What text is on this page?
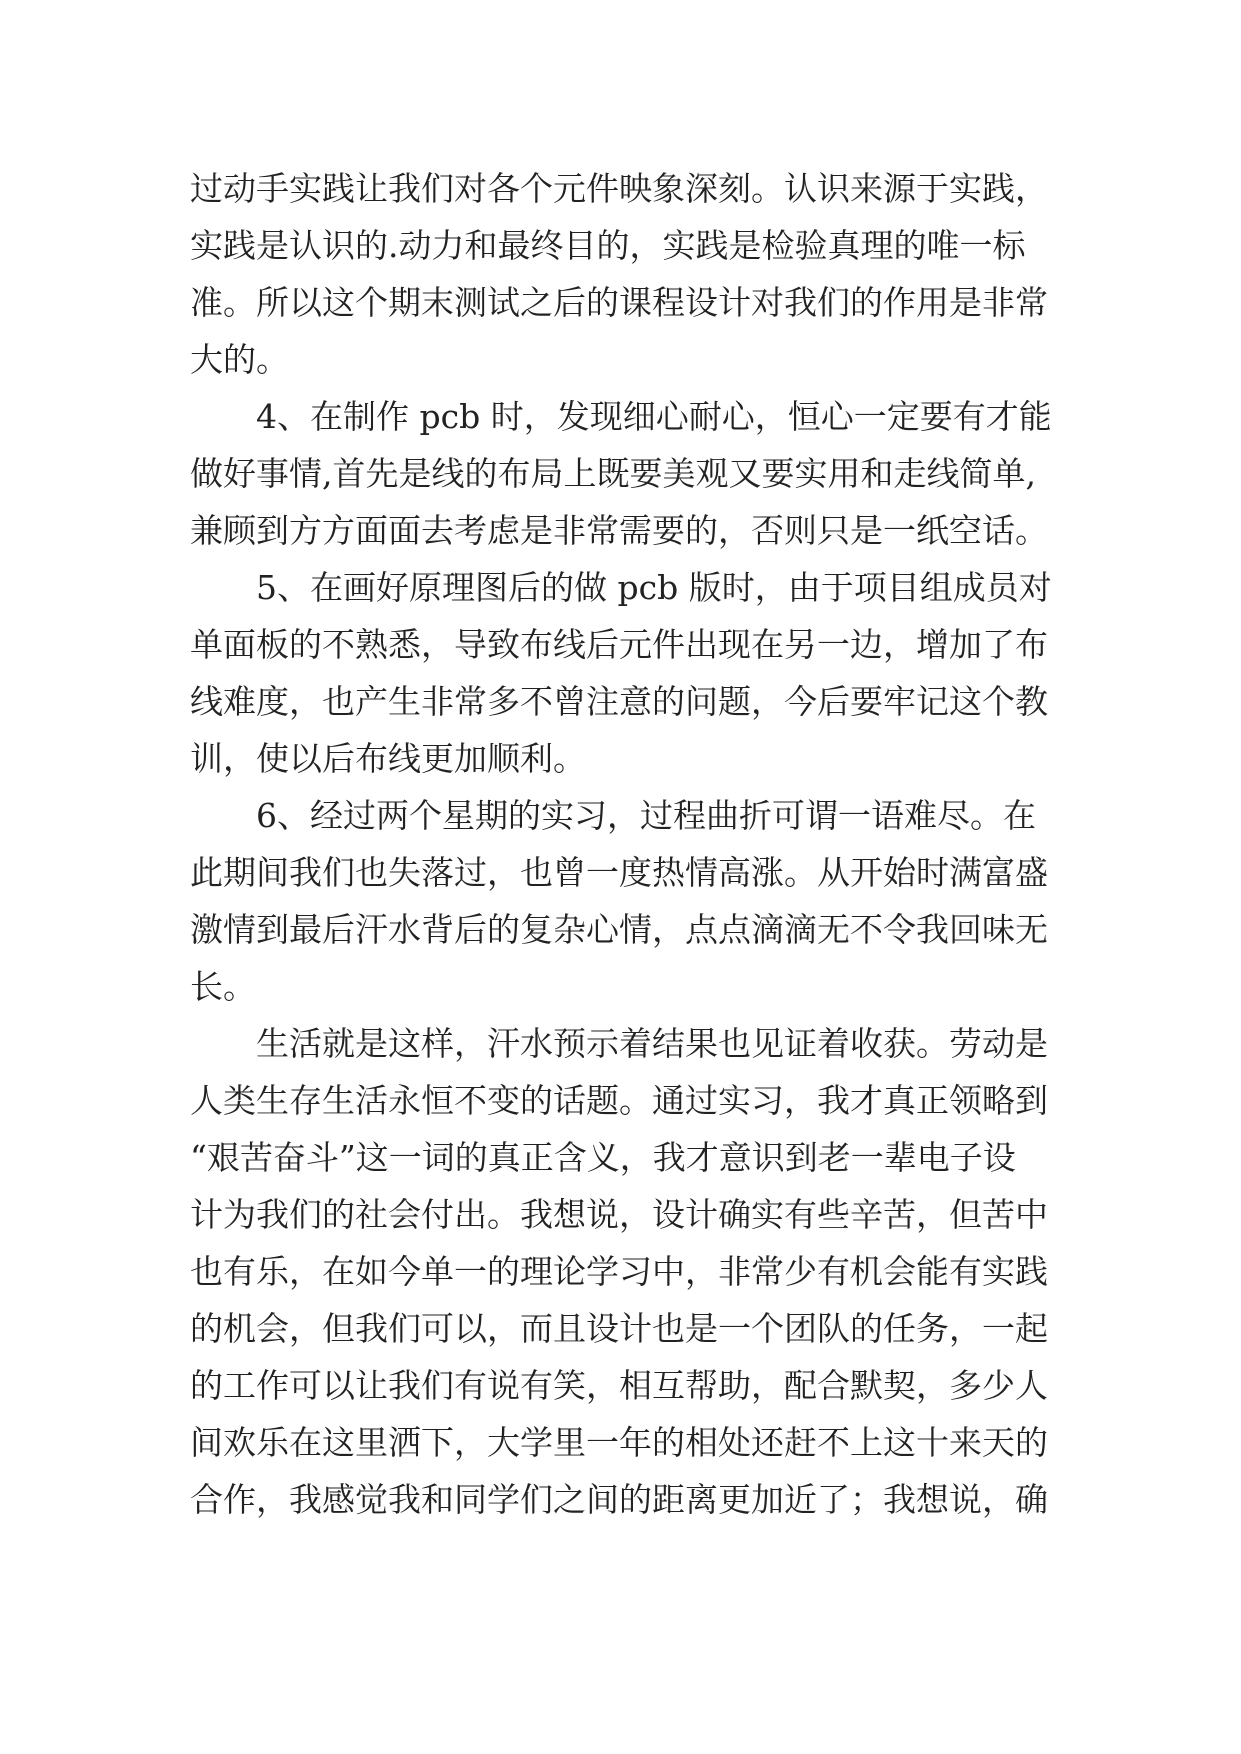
过动手实践让我们对各个元件映象深刻。认识来源于实践，
实践是认识的.动力和最终目的，实践是检验真理的唯一标
准。所以这个期末测试之后的课程设计对我们的作用是非常
大的。
4、在制作 pcb 时，发现细心耐心，恒心一定要有才能
做好事情,首先是线的布局上既要美观又要实用和走线简单,
兼顾到方方面面去考虑是非常需要的，否则只是一纸空话。
5、在画好原理图后的做 pcb 版时，由于项目组成员对
单面板的不熟悉，导致布线后元件出现在另一边，增加了布
线难度，也产生非常多不曾注意的问题，今后要牢记这个教
训，使以后布线更加顺利。
6、经过两个星期的实习，过程曲折可谓一语难尽。在
此期间我们也失落过，也曾一度热情高涨。从开始时满富盛
激情到最后汗水背后的复杂心情，点点滴滴无不令我回味无
长。
生活就是这样，汗水预示着结果也见证着收获。劳动是
人类生存生活永恒不变的话题。通过实习，我才真正领略到
“艰苦奋斗”这一词的真正含义，我才意识到老一辈电子设
计为我们的社会付出。我想说，设计确实有些辛苦，但苦中
也有乐，在如今单一的理论学习中，非常少有机会能有实践
的机会，但我们可以，而且设计也是一个团队的任务，一起
的工作可以让我们有说有笑，相互帮助，配合默契，多少人
间欢乐在这里洒下，大学里一年的相处还赶不上这十来天的
合作，我感觉我和同学们之间的距离更加近了；我想说，确
